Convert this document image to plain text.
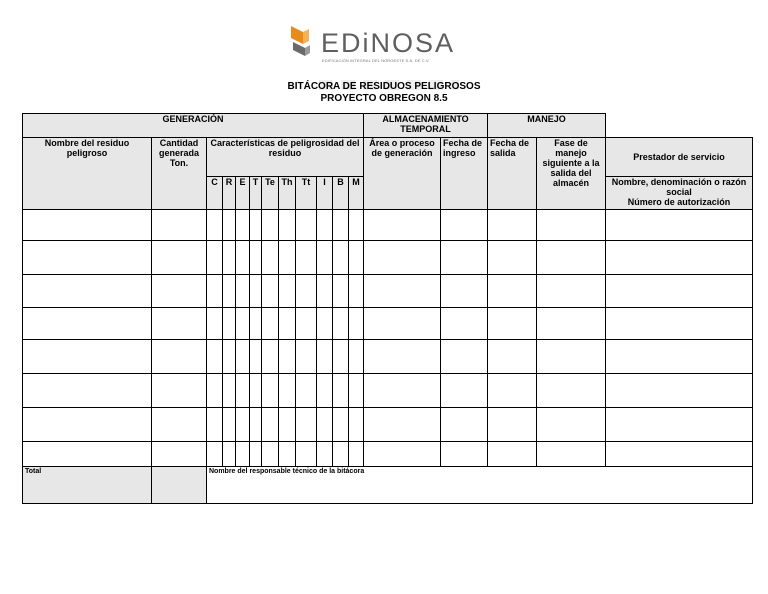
EDiNOSA
EDIFICACIÓN INTEGRAL DEL NOROESTE S.A. DE C.V.
BITÁCORA DE RESIDUOS PELIGROSOS
PROYECTO OBREGON 8.5
GENERACIÓN												ALMACENAMIENTO TEMPORAL		MANEJO		
Nombre del residuo peligroso	Cantidad generada Ton.	Características de peligrosidad del residuo										Área o proceso de generación	Fecha de ingreso	Fecha de salida	Fase de manejo siguiente a la salida del almacén	Prestador de servicio
		C	R	E	T	Te	Th	Tt	I	B	M					Nombre, denominación o razón social
Número de autorización

Total		Nombre del responsable técnico de la bitácora														
